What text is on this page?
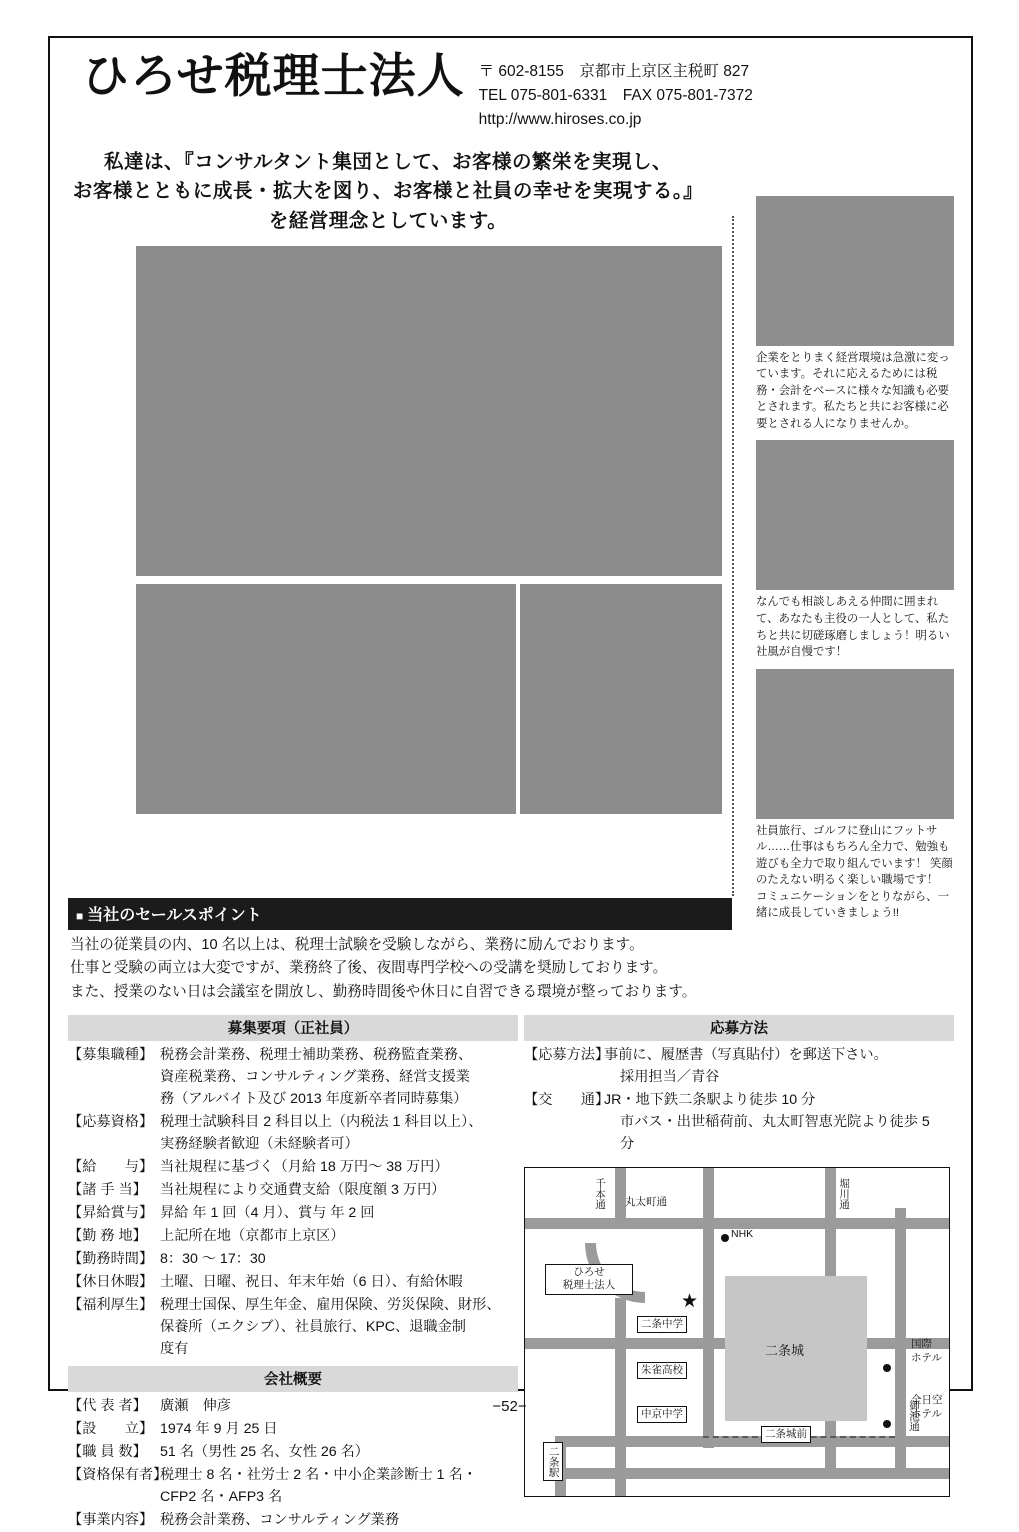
ひろせ税理士法人 〒 602-8155　京都市上京区主税町 827
TEL 075-801-6331　FAX 075-801-7372
http://www.hiroses.co.jp
私達は、『コンサルタント集団として、お客様の繁栄を実現し、
お客様とともに成長・拡大を図り、お客様と社員の幸せを実現する。』
を経営理念としています。
企業をとりまく経営環境は急激に変っています。それに応えるためには税務・会計をベースに様々な知識も必要とされます。私たちと共にお客様に必要とされる人になりませんか。
なんでも相談しあえる仲間に囲まれて、あなたも主役の一人として、私たちと共に切磋琢磨しましょう！明るい社風が自慢です！
社員旅行、ゴルフに登山にフットサル……仕事はもちろん全力で、勉強も遊びも全力で取り組んでいます！ 笑顔のたえない明るく楽しい職場です！　コミュニケーションをとりながら、一緒に成長していきましょう!!
■ 当社のセールスポイント
当社の従業員の内、10 名以上は、税理士試験を受験しながら、業務に励んでおります。
仕事と受験の両立は大変ですが、業務終了後、夜間専門学校への受講を奨励しております。
また、授業のない日は会議室を開放し、勤務時間後や休日に自習できる環境が整っております。
募集要項（正社員）
【募集職種】 税務会計業務、税理士補助業務、税務監査業務、
資産税業務、コンサルティング業務、経営支援業
務（アルバイト及び 2013 年度新卒者同時募集）
【応募資格】 税理士試験科目 2 科目以上（内税法 1 科目以上）、
実務経験者歓迎（未経験者可）
【給　　与】 当社規程に基づく（月給 18 万円〜 38 万円）
【諸 手 当】 当社規程により交通費支給（限度額 3 万円）
【昇給賞与】 昇給 年 1 回（4 月）、賞与 年 2 回
【勤 務 地】 上記所在地（京都市上京区）
【勤務時間】 8：30 〜 17：30
【休日休暇】 土曜、日曜、祝日、年末年始（6 日）、有給休暇
【福利厚生】 税理士国保、厚生年金、雇用保険、労災保険、財形、
保養所（エクシブ）、社員旅行、KPC、退職金制
度有
会社概要
【代 表 者】 廣瀬　伸彦
【設　　立】 1974 年 9 月 25 日
【職 員 数】 51 名（男性 25 名、女性 26 名）
【資格保有者】
税理士 8 名・社労士 2 名・中小企業診断士 1 名・
CFP2 名・AFP3 名
【事業内容】 税務会計業務、コンサルティング業務
応募方法
【応募方法】
事前に、履歴書（写真貼付）を郵送下さい。
採用担当／青谷
【交　　通】
JR・地下鉄二条駅より徒歩 10 分
市バス・出世稲荷前、丸太町智恵光院より徒歩 5
分
丸太町通
千本通	堀川通
御池通
NHK
ひろせ
税理士法人
★
二条中学
朱雀高校
中京中学
二条城	国際
ホテル
全日空
ホテル
二条城前
二条駅
−52−
